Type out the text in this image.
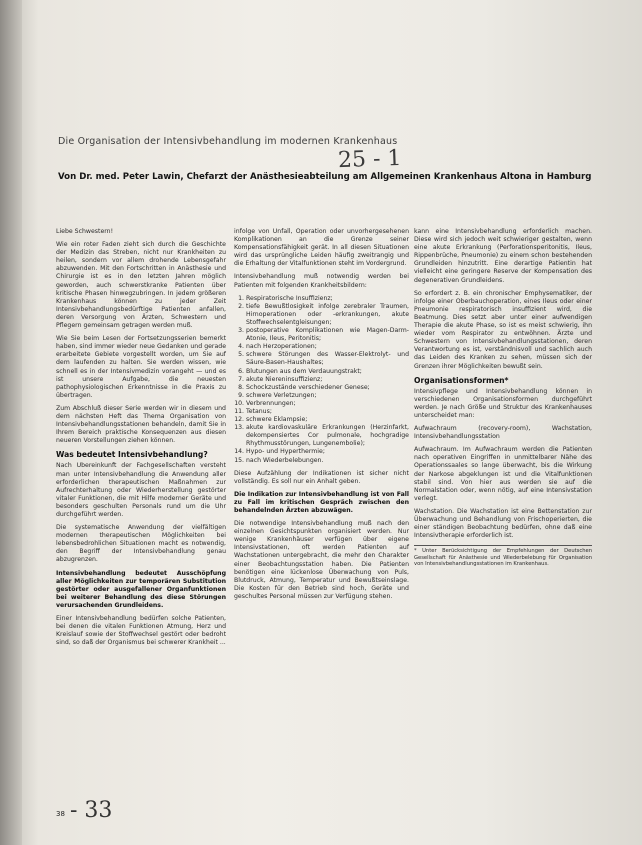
Die Organisation der Intensivbehandlung im modernen Krankenhaus
25 - 1
Von Dr. med. Peter Lawin, Chefarzt der Anästhesieabteilung am Allgemeinen Krankenhaus Altona in Hamburg

Liebe Schwestern!

Wie ein roter Faden zieht sich durch die Geschichte der Medizin das Streben, nicht nur Krankheiten zu heilen, sondern vor allem drohende Lebensgefahr abzuwenden. Mit den Fortschritten in Anästhesie und Chirurgie ist es in den letzten Jahren möglich geworden, auch schwerstkranke Patienten über kritische Phasen hinwegzubringen. In jedem größeren Krankenhaus können zu jeder Zeit Intensivbehandlungsbedürftige Patienten anfallen, deren Versorgung von Ärzten, Schwestern und Pflegern gemeinsam getragen werden muß.

Wie Sie beim Lesen der Fortsetzungsserien bemerkt haben, sind immer wieder neue Gedanken und gerade erarbeitete Gebiete vorgestellt worden, um Sie auf dem laufenden zu halten. Sie werden wissen, wie schnell es in der Intensivmedizin vorangeht — und es ist unsere Aufgabe, die neuesten pathophysiologischen Erkenntnisse in die Praxis zu übertragen.

Zum Abschluß dieser Serie werden wir in diesem und dem nächsten Heft das Thema Organisation von Intensivbehandlungsstationen behandeln, damit Sie in Ihrem Bereich praktische Konsequenzen aus diesen neueren Vorstellungen ziehen können.

Was bedeutet Intensivbehandlung?

Nach Ubereinkunft der Fachgesellschaften versteht man unter Intensivbehandlung die Anwendung aller erforderlichen therapeutischen Maßnahmen zur Aufrechterhaltung oder Wiederherstellung gestörter vitaler Funktionen, die mit Hilfe moderner Geräte und besonders geschulten Personals rund um die Uhr durchgeführt werden.

Die systematische Anwendung der vielfältigen modernen therapeutischen Möglichkeiten bei lebensbedrohlichen Situationen macht es notwendig, den Begriff der Intensivbehandlung genau abzugrenzen.

Intensivbehandlung bedeutet Ausschöpfung aller Möglichkeiten zur temporären Substitution gestörter oder ausgefallener Organfunktionen bei weiterer Behandlung des diese Störungen verursachenden Grundleidens.

Einer Intensivbehandlung bedürfen solche Patienten, bei denen die vitalen Funktionen Atmung, Herz und Kreislauf sowie der Stoffwechsel gestört oder bedroht sind, so daß der Organismus bei schwerer Krankheit ...

infolge von Unfall, Operation oder unvorhergesehenen Komplikationen an die Grenze seiner Kompensationsfähigkeit gerät. In all diesen Situationen wird das ursprüngliche Leiden häufig zweitrangig und die Erhaltung der Vitalfunktionen steht im Vordergrund.

Intensivbehandlung muß notwendig werden bei Patienten mit folgenden Krankheitsbildern:

1. Respiratorische Insuffizienz;
2. tiefe Bewußtlosigkeit infolge zerebraler Traumen, Hirnoperationen oder -erkrankungen, akute Stoffwechselentgleisungen;
3. postoperative Komplikationen wie Magen-Darm-Atonie, Ileus, Peritonitis;
4. nach Herzoperationen;
5. schwere Störungen des Wasser-Elektrolyt- und Säure-Basen-Haushaltes;
6. Blutungen aus dem Verdauungstrakt;
7. akute Niereninsuffizienz;
8. Schockzustände verschiedener Genese;
9. schwere Verletzungen;
10. Verbrennungen;
11. Tetanus;
12. schwere Eklampsie;
13. akute kardiovaskuläre Erkrankungen (Herzinfarkt, dekompensiertes Cor pulmonale, hochgradige Rhythmusstörungen, Lungenembolie);
14. Hypo- und Hyperthermie;
15. nach Wiederbelebungen.

Diese Aufzählung der Indikationen ist sicher nicht vollständig. Es soll nur ein Anhalt geben.

Die Indikation zur Intensivbehandlung ist von Fall zu Fall im kritischen Gespräch zwischen den behandelnden Ärzten abzuwägen.

Die notwendige Intensivbehandlung muß nach den einzelnen Gesichtspunkten organisiert werden. Nur wenige Krankenhäuser verfügen über eigene Intensivstationen, oft werden Patienten auf Wachstationen untergebracht, die mehr den Charakter einer Beobachtungsstation haben. Die Patienten benötigen eine lückenlose Überwachung von Puls, Blutdruck, Atmung, Temperatur und Bewußtseinslage. Die Kosten für den Betrieb sind hoch, Geräte und geschultes Personal müssen zur Verfügung stehen.

kann eine Intensivbehandlung erforderlich machen. Diese wird sich jedoch weit schwieriger gestalten, wenn eine akute Erkrankung (Perforationsperitonitis, Ileus, Rippenbrüche, Pneumonie) zu einem schon bestehenden Grundleiden hinzutritt. Eine derartige Patientin hat vielleicht eine geringere Reserve der Kompensation des degenerativen Grundleidens.

So erfordert z. B. ein chronischer Emphysematiker, der infolge einer Oberbauchoperation, eines Ileus oder einer Pneumonie respiratorisch insuffizient wird, die Beatmung. Dies setzt aber unter einer aufwendigen Therapie die akute Phase, so ist es meist schwierig, ihn wieder vom Respirator zu entwöhnen. Ärzte und Schwestern von Intensivbehandlungsstationen, deren Verantwortung es ist, verständnisvoll und sachlich auch das Leiden des Kranken zu sehen, müssen sich der Grenzen ihrer Möglichkeiten bewußt sein.

Organisationsformen*

Intensivpflege und Intensivbehandlung können in verschiedenen Organisationsformen durchgeführt werden. Je nach Größe und Struktur des Krankenhauses unterscheidet man:

Aufwachraum (recovery-room), Wachstation, Intensivbehandlungsstation

Aufwachraum. Im Aufwachraum werden die Patienten nach operativen Eingriffen in unmittelbarer Nähe des Operationssaales so lange überwacht, bis die Wirkung der Narkose abgeklungen ist und die Vitalfunktionen stabil sind. Von hier aus werden sie auf die Normalstation oder, wenn nötig, auf eine Intensivstation verlegt.

Wachstation. Die Wachstation ist eine Bettenstation zur Überwachung und Behandlung von Frischoperierten, die einer ständigen Beobachtung bedürfen, ohne daß eine Intensivtherapie erforderlich ist.

* Unter Berücksichtigung der Empfehlungen der Deutschen Gesellschaft für Anästhesie und Wiederbelebung für Organisation von Intensivbehandlungsstationen im Krankenhaus.
38 - 33
